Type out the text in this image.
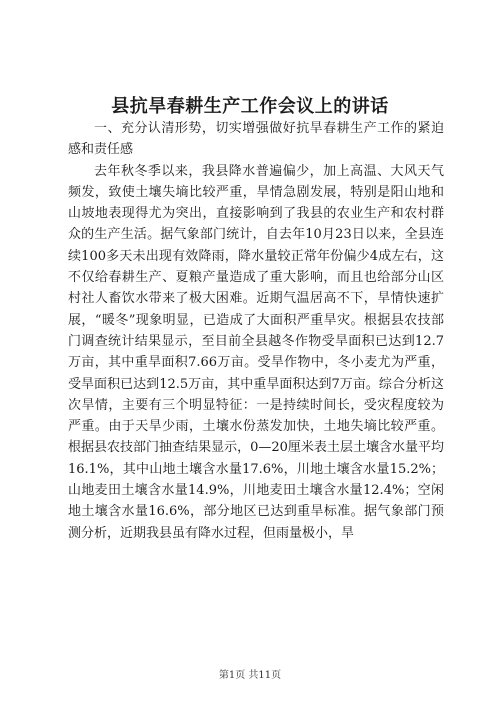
县抗旱春耕生产工作会议上的讲话

一、充分认清形势，切实增强做好抗旱春耕生产工作的紧迫感和责任感

去年秋冬季以来，我县降水普遍偏少，加上高温、大风天气频发，致使土壤失墒比较严重，旱情急剧发展，特别是阳山地和山坡地表现得尤为突出，直接影响到了我县的农业生产和农村群众的生产生活。据气象部门统计，自去年10月23日以来，全县连续100多天未出现有效降雨，降水量较正常年份偏少4成左右，这不仅给春耕生产、夏粮产量造成了重大影响，而且也给部分山区村社人畜饮水带来了极大困难。近期气温居高不下，旱情快速扩展，“暖冬”现象明显，已造成了大面积严重旱灾。根据县农技部门调查统计结果显示，至目前全县越冬作物受旱面积已达到12.7万亩，其中重旱面积7.66万亩。受旱作物中，冬小麦尤为严重，受旱面积已达到12.5万亩，其中重旱面积达到7万亩。综合分析这次旱情，主要有三个明显特征：一是持续时间长，受灾程度较为严重。由于天旱少雨，土壤水份蒸发加快，土地失墒比较严重。根据县农技部门抽查结果显示，0—20厘米表土层土壤含水量平均16.1%，其中山地土壤含水量17.6%，川地土壤含水量15.2%；山地麦田土壤含水量14.9%，川地麦田土壤含水量12.4%；空闲地土壤含水量16.6%，部分地区已达到重旱标准。据气象部门预测分析，近期我县虽有降水过程，但雨量极小，旱

第1页 共11页
